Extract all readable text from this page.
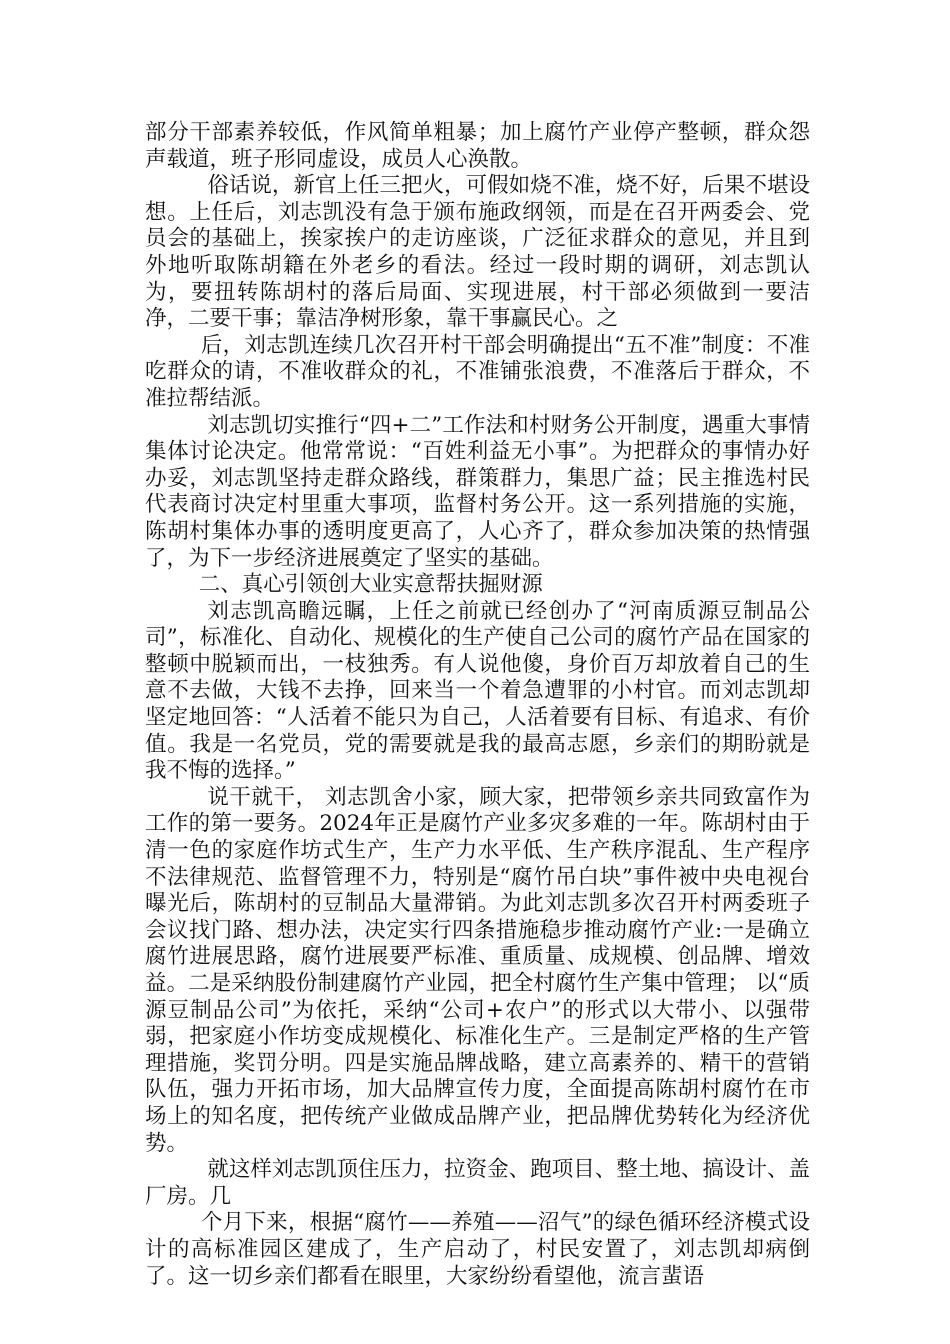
部分干部素养较低，作风简单粗暴；加上腐竹产业停产整顿，群众怨声载道，班子形同虚设，成员人心涣散。

俗话说，新官上任三把火，可假如烧不准，烧不好，后果不堪设想。上任后，刘志凯没有急于颁布施政纲领，而是在召开两委会、党员会的基础上，挨家挨户的走访座谈，广泛征求群众的意见，并且到外地听取陈胡籍在外老乡的看法。经过一段时期的调研，刘志凯认为，要扭转陈胡村的落后局面、实现进展，村干部必须做到一要洁净，二要干事；靠洁净树形象，靠干事赢民心。之

后，刘志凯连续几次召开村干部会明确提出“五不准”制度：不准吃群众的请，不准收群众的礼，不准铺张浪费，不准落后于群众，不准拉帮结派。

刘志凯切实推行“四+二”工作法和村财务公开制度，遇重大事情集体讨论决定。他常常说：“百姓利益无小事”。为把群众的事情办好办妥，刘志凯坚持走群众路线，群策群力，集思广益；民主推选村民代表商讨决定村里重大事项，监督村务公开。这一系列措施的实施，陈胡村集体办事的透明度更高了，人心齐了，群众参加决策的热情强了，为下一步经济进展奠定了坚实的基础。

二、真心引领创大业实意帮扶掘财源

刘志凯高瞻远瞩，上任之前就已经创办了“河南质源豆制品公司”，标准化、自动化、规模化的生产使自己公司的腐竹产品在国家的整顿中脱颖而出，一枝独秀。有人说他傻，身价百万却放着自己的生意不去做，大钱不去挣，回来当一个着急遭罪的小村官。而刘志凯却坚定地回答：“人活着不能只为自己，人活着要有目标、有追求、有价值。我是一名党员，党的需要就是我的最高志愿，乡亲们的期盼就是我不悔的选择。”

说干就干， 刘志凯舍小家，顾大家，把带领乡亲共同致富作为工作的第一要务。2024年正是腐竹产业多灾多难的一年。陈胡村由于清一色的家庭作坊式生产，生产力水平低、生产秩序混乱、生产程序不法律规范、监督管理不力，特别是“腐竹吊白块”事件被中央电视台曝光后，陈胡村的豆制品大量滞销。为此刘志凯多次召开村两委班子会议找门路、想办法，决定实行四条措施稳步推动腐竹产业:一是确立腐竹进展思路，腐竹进展要严标准、重质量、成规模、创品牌、增效益。二是采纳股份制建腐竹产业园，把全村腐竹生产集中管理； 以“质源豆制品公司”为依托，采纳“公司+农户”的形式以大带小、以强带弱，把家庭小作坊变成规模化、标准化生产。三是制定严格的生产管理措施，奖罚分明。四是实施品牌战略，建立高素养的、精干的营销队伍，强力开拓市场，加大品牌宣传力度，全面提高陈胡村腐竹在市场上的知名度，把传统产业做成品牌产业，把品牌优势转化为经济优势。

就这样刘志凯顶住压力，拉资金、跑项目、整土地、搞设计、盖厂房。几

个月下来，根据“腐竹——养殖——沼气”的绿色循环经济模式设计的高标准园区建成了，生产启动了，村民安置了，刘志凯却病倒了。这一切乡亲们都看在眼里，大家纷纷看望他，流言蜚语
